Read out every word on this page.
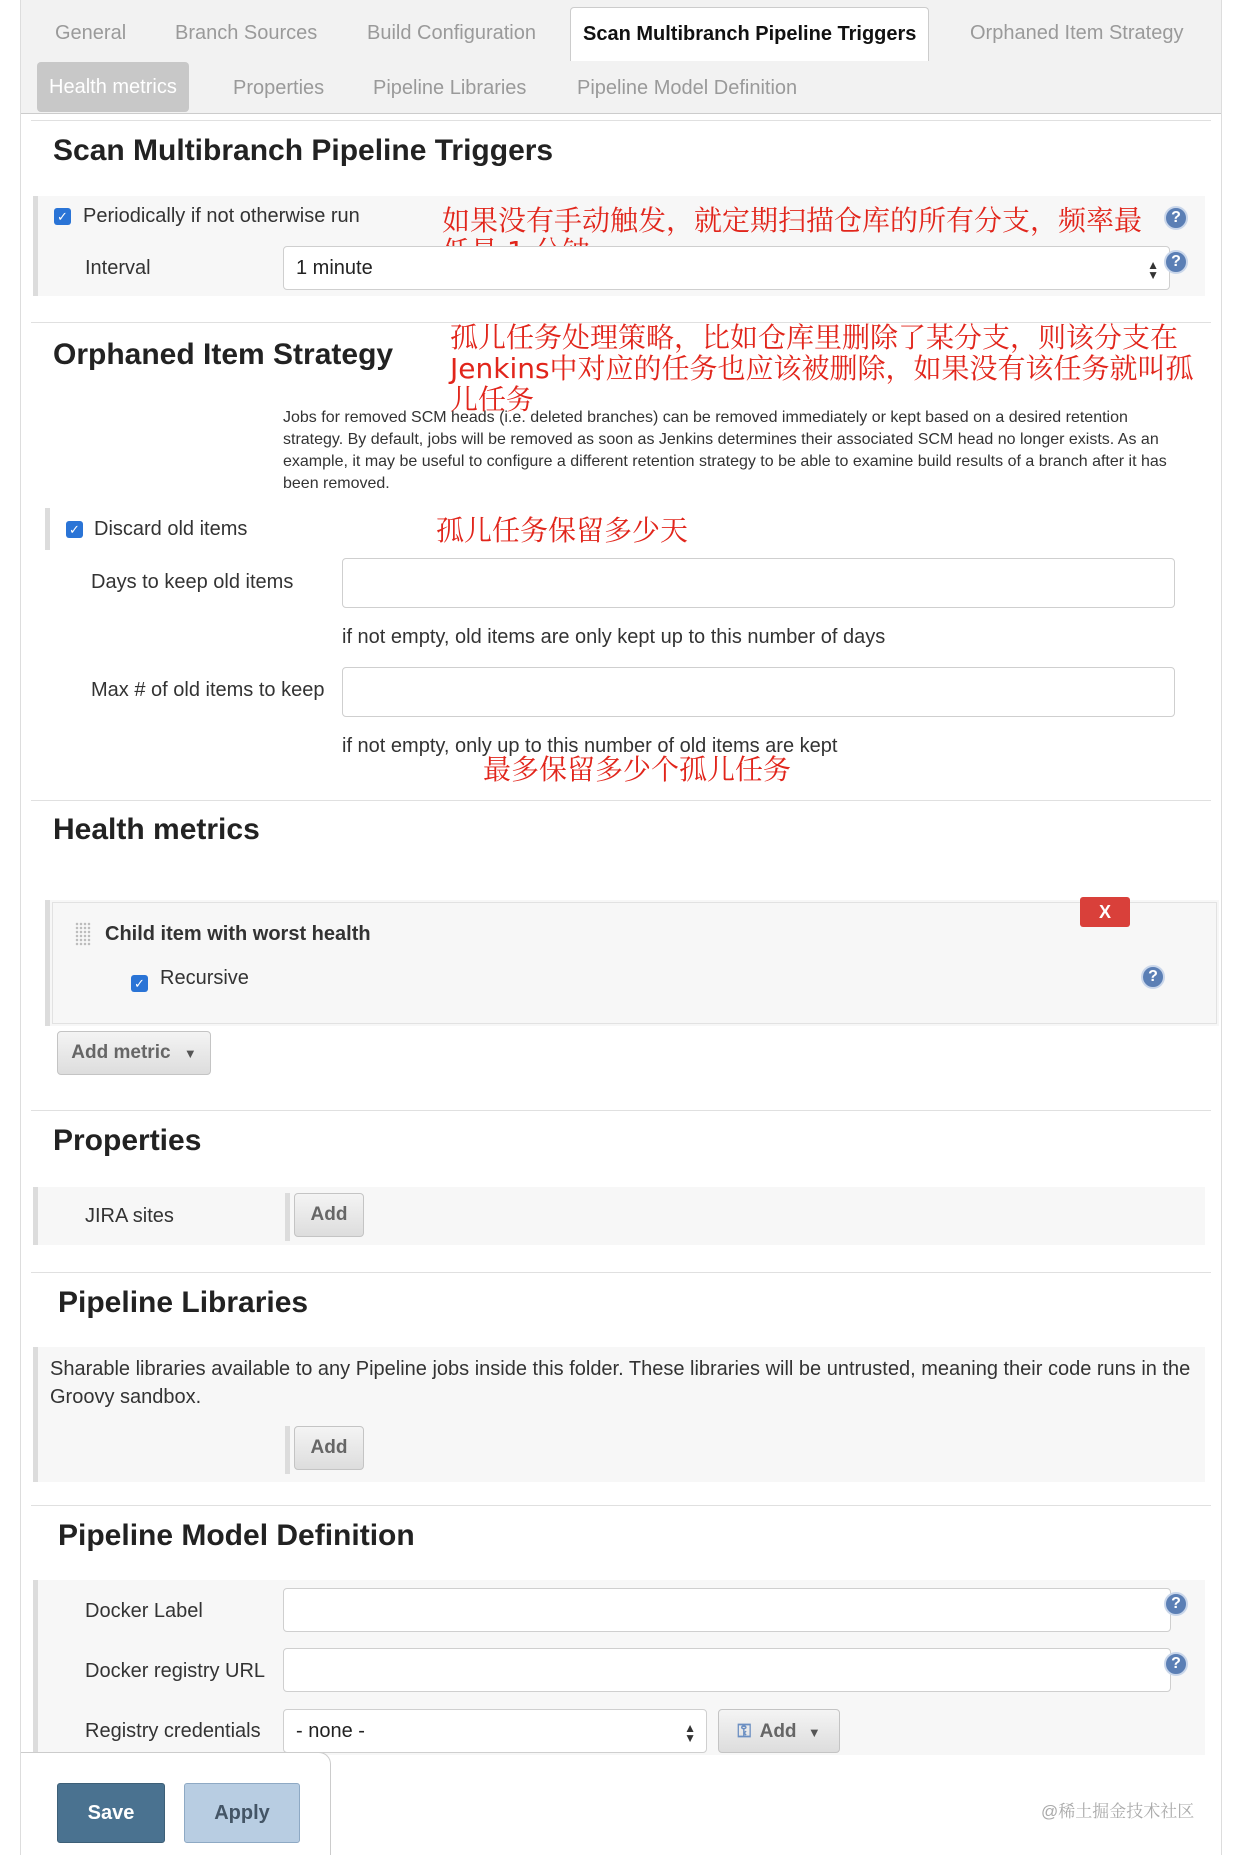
General	Branch Sources	Build Configuration	Scan Multibranch Pipeline Triggers	Orphaned Item Strategy
Health metrics	Properties	Pipeline Libraries	Pipeline Model Definition
Scan Multibranch Pipeline Triggers
✓ Periodically if not otherwise run	如果没有手动触发，就定期扫描仓库的所有分支，频率最	?
Interval	1 minute	▲
▼
?
Orphaned Item Strategy
Jobs for removed SCM heads (i.e. deleted branches) can be removed immediately or kept based on a desired retention strategy. By default, jobs will be removed as soon as Jenkins determines their associated SCM head no longer exists. As an example, it may be useful to configure a different retention strategy to be able to examine build results of a branch after it has been removed.
孤儿任务处理策略，比如仓库里删除了某分支，则该分支在Jenkins中对应的任务也应该被删除，如果没有该任务就叫孤儿任务
✓ Discard old items	孤儿任务保留多少天
Days to keep old items
if not empty, old items are only kept up to this number of days
Max # of old items to keep
if not empty, only up to this number of old items are kept
最多保留多少个孤儿任务
Health metrics
Child item with worst health
X
✓ Recursive	?
Add metric ▼
Properties
JIRA sites	Add
Pipeline Libraries
Sharable libraries available to any Pipeline jobs inside this folder. These libraries will be untrusted, meaning their code runs in the Groovy sandbox.
Add
Pipeline Model Definition
Docker Label	?
Docker registry URL	?
Registry credentials	- none -	▲
▼	⚿ Add ▼
Save	Apply	@稀土掘金技术社区
